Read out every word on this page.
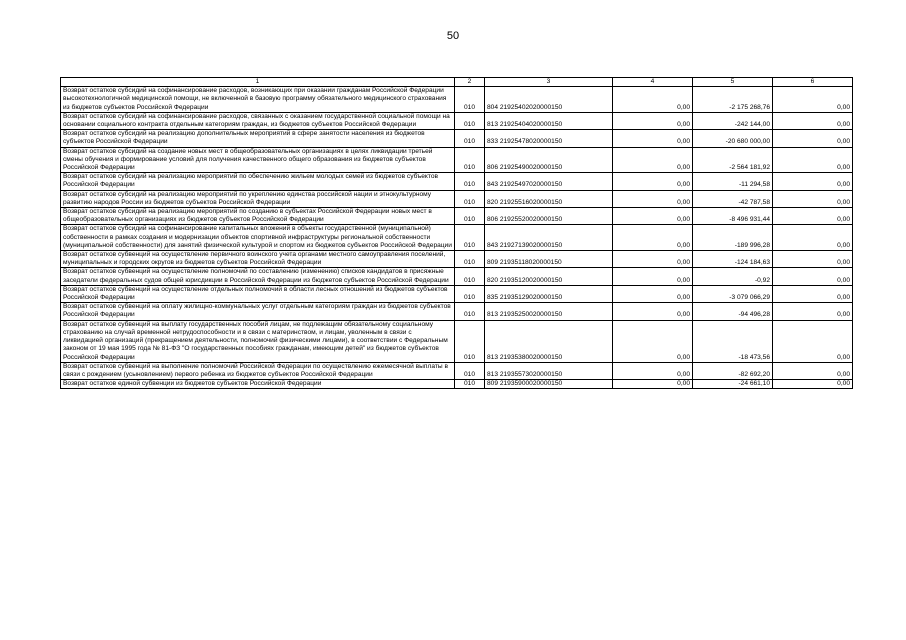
50
1	2	3	4	5	6
Возврат остатков субсидий на софинансирование расходов, возникающих при оказании гражданам Российской Федерации высокотехнологичной медицинской помощи, не включенной в базовую программу обязательного медицинского страхования из бюджетов субъектов Российской Федерации	010	804 21925402020000150	0,00	-2 175 268,76	0,00
Возврат остатков субсидий на софинансирование расходов, связанных с оказанием государственной социальной помощи на основании социального контракта отдельным категориям граждан, из бюджетов субъектов Российской Федерации	010	813 21925404020000150	0,00	-242 144,00	0,00
Возврат остатков субсидий на реализацию дополнительных мероприятий в сфере занятости населения из бюджетов субъектов Российской Федерации	010	833 21925478020000150	0,00	-20 680 000,00	0,00
Возврат остатков субсидий на создание новых мест в общеобразовательных организациях в целях ликвидации третьей смены обучения и формирование условий для получения качественного общего образования из бюджетов субъектов Российской Федерации	010	806 21925490020000150	0,00	-2 564 181,92	0,00
Возврат остатков субсидий на реализацию мероприятий по обеспечению жильем молодых семей из бюджетов субъектов Российской Федерации	010	843 21925497020000150	0,00	-11 294,58	0,00
Возврат остатков субсидий на реализацию мероприятий по укреплению единства российской нации и этнокультурному развитию народов России из бюджетов субъектов Российской Федерации	010	820 21925516020000150	0,00	-42 787,58	0,00
Возврат остатков субсидий на реализацию мероприятий по созданию в субъектах Российской Федерации новых мест в общеобразовательных организациях из бюджетов субъектов Российской Федерации	010	806 21925520020000150	0,00	-8 496 931,44	0,00
Возврат остатков субсидий на софинансирование капитальных вложений в объекты государственной (муниципальной) собственности в рамках создания и модернизации объектов спортивной инфраструктуры региональной собственности (муниципальной собственности) для занятий физической культурой и спортом из бюджетов субъектов Российской Федерации	010	843 21927139020000150	0,00	-189 996,28	0,00
Возврат остатков субвенций на осуществление первичного воинского учета органами местного самоуправления поселений, муниципальных и городских округов из бюджетов субъектов Российской Федерации	010	809 21935118020000150	0,00	-124 184,63	0,00
Возврат остатков субвенций на осуществление полномочий по составлению (изменению) списков кандидатов в присяжные заседатели федеральных судов общей юрисдикции в Российской Федерации из бюджетов субъектов Российской Федерации	010	820 21935120020000150	0,00	-0,92	0,00
Возврат остатков субвенций на осуществление отдельных полномочий в области лесных отношений из бюджетов субъектов Российской Федерации	010	835 21935129020000150	0,00	-3 079 066,29	0,00
Возврат остатков субвенций на оплату жилищно-коммунальных услуг отдельным категориям граждан из бюджетов субъектов Российской Федерации	010	813 21935250020000150	0,00	-94 496,28	0,00
Возврат остатков субвенций на выплату государственных пособий лицам, не подлежащим обязательному социальному страхованию на случай временной нетрудоспособности и в связи с материнством, и лицам, уволенным в связи с ликвидацией организаций (прекращением деятельности, полномочий физическими лицами), в соответствии с Федеральным законом от 19 мая 1995 года № 81-ФЗ "О государственных пособиях гражданам, имеющим детей" из бюджетов субъектов Российской Федерации	010	813 21935380020000150	0,00	-18 473,56	0,00
Возврат остатков субвенций на выполнение полномочий Российской Федерации по осуществлению ежемесячной выплаты в связи с рождением (усыновлением) первого ребенка из бюджетов субъектов Российской Федерации	010	813 21935573020000150	0,00	-82 692,20	0,00
Возврат остатков единой субвенции из бюджетов субъектов Российской Федерации	010	809 21935900020000150	0,00	-24 661,10	0,00
